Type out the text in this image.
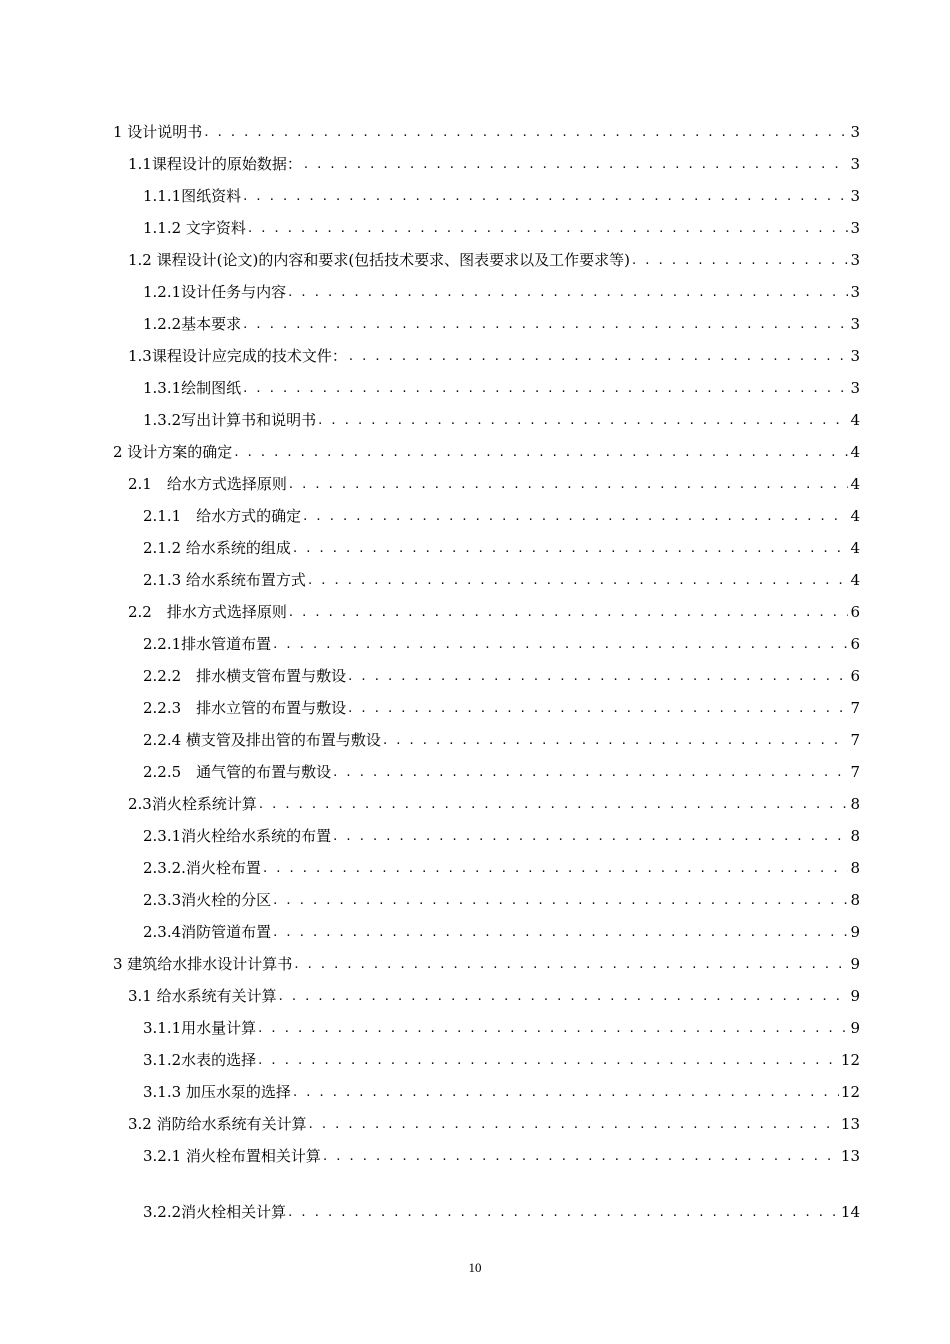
1 设计说明书 . . .	3
1.1课程设计的原始数据： . . .	3
1.1.1图纸资料 . . .	3
1.1.2 文字资料 . . .	3
1.2 课程设计(论文)的内容和要求(包括技术要求、图表要求以及工作要求等) . . .	3
1.2.1设计任务与内容 . . .	3
1.2.2基本要求 . . .	3
1.3课程设计应完成的技术文件： . . .	3
1.3.1绘制图纸 . . .	3
1.3.2写出计算书和说明书 . . .	4
2 设计方案的确定 . . .	4
2.1　给水方式选择原则 . . .	4
2.1.1　给水方式的确定 . . .	4
2.1.2 给水系统的组成 . . .	4
2.1.3 给水系统布置方式 . . .	4
2.2　排水方式选择原则 . . .	6
2.2.1排水管道布置 . . .	6
2.2.2　排水横支管布置与敷设 . . .	6
2.2.3　排水立管的布置与敷设 . . .	7
2.2.4 横支管及排出管的布置与敷设 . . .	7
2.2.5　通气管的布置与敷设 . . .	7
2.3消火栓系统计算 . . .	8
2.3.1消火栓给水系统的布置 . . .	8
2.3.2.消火栓布置 . . .	8
2.3.3消火栓的分区 . . .	8
2.3.4消防管道布置 . . .	9
3 建筑给水排水设计计算书 . . .	9
3.1 给水系统有关计算 . . .	9
3.1.1用水量计算 . . .	9
3.1.2水表的选择 . . .	12
3.1.3 加压水泵的选择 . . .	12
3.2 消防给水系统有关计算 . . .	13
3.2.1 消火栓布置相关计算 . . .	13
3.2.2消火栓相关计算 . . .	14
10
